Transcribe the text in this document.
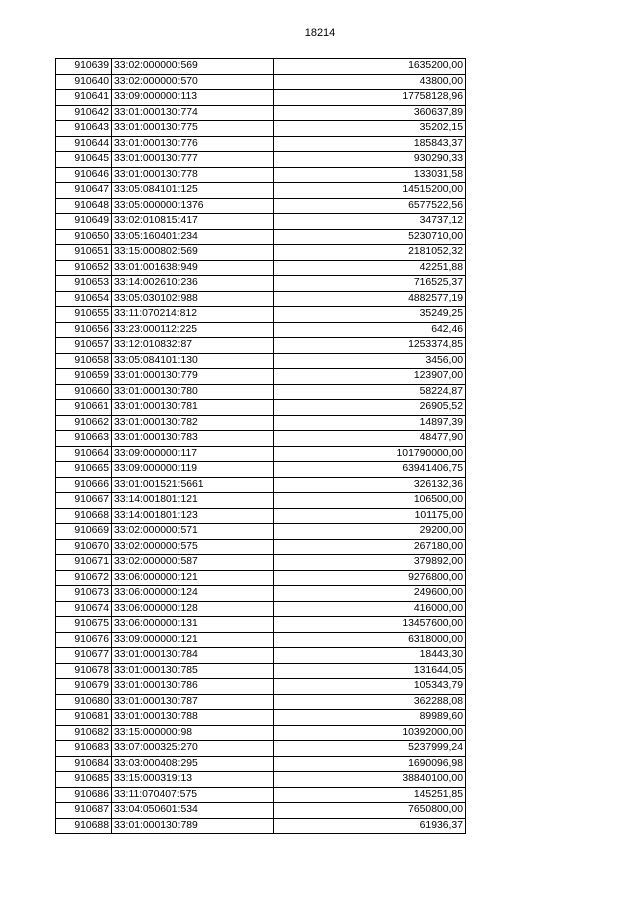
18214
910639	33:02:000000:569	1635200,00
910640	33:02:000000:570	43800,00
910641	33:09:000000:113	17758128,96
910642	33:01:000130:774	360637,89
910643	33:01:000130:775	35202,15
910644	33:01:000130:776	185843,37
910645	33:01:000130:777	930290,33
910646	33:01:000130:778	133031,58
910647	33:05:084101:125	14515200,00
910648	33:05:000000:1376	6577522,56
910649	33:02:010815:417	34737,12
910650	33:05:160401:234	5230710,00
910651	33:15:000802:569	2181052,32
910652	33:01:001638:949	42251,88
910653	33:14:002610:236	716525,37
910654	33:05:030102:988	4882577,19
910655	33:11:070214:812	35249,25
910656	33:23:000112:225	642,46
910657	33:12:010832:87	1253374,85
910658	33:05:084101:130	3456,00
910659	33:01:000130:779	123907,00
910660	33:01:000130:780	58224,87
910661	33:01:000130:781	26905,52
910662	33:01:000130:782	14897,39
910663	33:01:000130:783	48477,90
910664	33:09:000000:117	101790000,00
910665	33:09:000000:119	63941406,75
910666	33:01:001521:5661	326132,36
910667	33:14:001801:121	106500,00
910668	33:14:001801:123	101175,00
910669	33:02:000000:571	29200,00
910670	33:02:000000:575	267180,00
910671	33:02:000000:587	379892,00
910672	33:06:000000:121	9276800,00
910673	33:06:000000:124	249600,00
910674	33:06:000000:128	416000,00
910675	33:06:000000:131	13457600,00
910676	33:09:000000:121	6318000,00
910677	33:01:000130:784	18443,30
910678	33:01:000130:785	131644,05
910679	33:01:000130:786	105343,79
910680	33:01:000130:787	362288,08
910681	33:01:000130:788	89989,60
910682	33:15:000000:98	10392000,00
910683	33:07:000325:270	5237999,24
910684	33:03:000408:295	1690096,98
910685	33:15:000319:13	38840100,00
910686	33:11:070407:575	145251,85
910687	33:04:050601:534	7650800,00
910688	33:01:000130:789	61936,37
